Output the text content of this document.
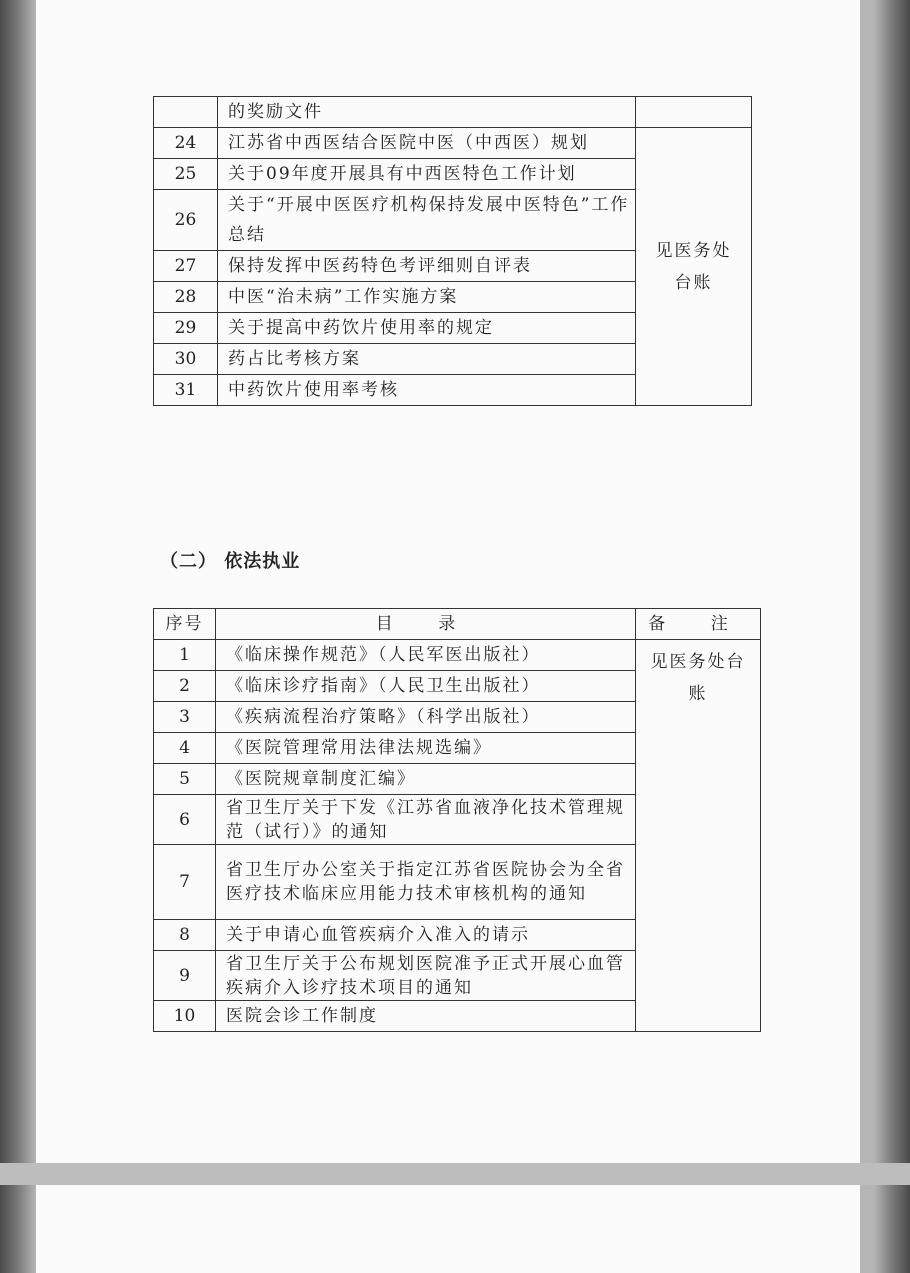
	的奖励文件	
24	江苏省中西医结合医院中医（中西医）规划	见医务处台账
25	关于09年度开展具有中西医特色工作计划	
26	关于“开展中医医疗机构保持发展中医特色”工作总结	
27	保持发挥中医药特色考评细则自评表	
28	中医“治未病”工作实施方案	
29	关于提高中药饮片使用率的规定	
30	药占比考核方案	
31	中药饮片使用率考核	
（二） 依法执业
序号	目 录	备 注
1	《临床操作规范》（人民军医出版社）	见医务处台账
2	《临床诊疗指南》（人民卫生出版社）	
3	《疾病流程治疗策略》（科学出版社）	
4	《医院管理常用法律法规选编》	
5	《医院规章制度汇编》	
6	省卫生厅关于下发《江苏省血液净化技术管理规范（试行）》的通知	
7	省卫生厅办公室关于指定江苏省医院协会为全省医疗技术临床应用能力技术审核机构的通知	
8	关于申请心血管疾病介入准入的请示	
9	省卫生厅关于公布规划医院准予正式开展心血管疾病介入诊疗技术项目的通知	
10	医院会诊工作制度	
